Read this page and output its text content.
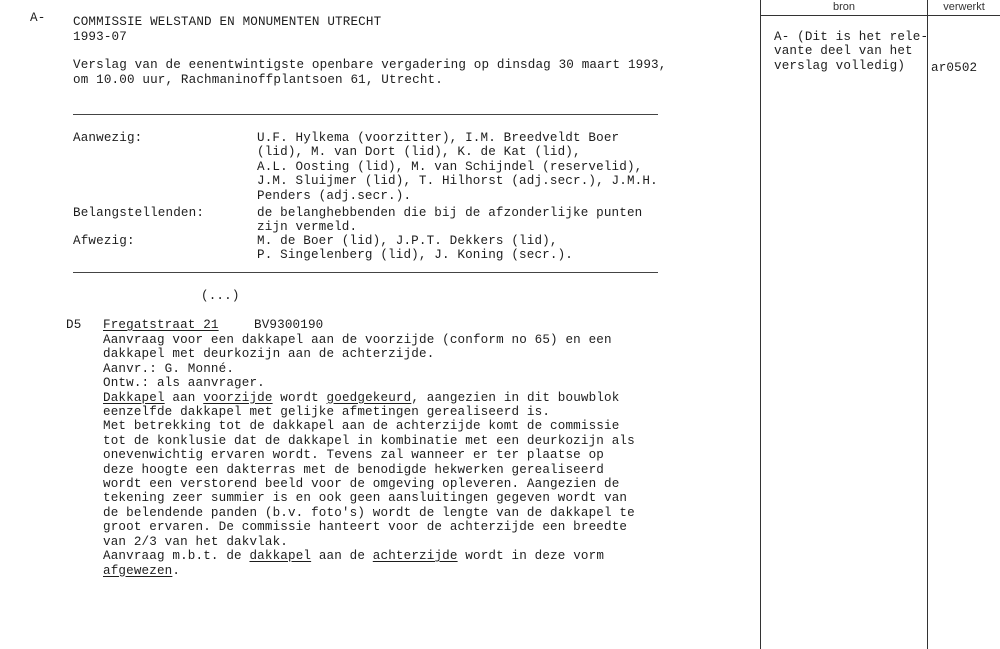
A- COMMISSIE WELSTAND EN MONUMENTEN UTRECHT
1993-07
Verslag van de eenentwintigste openbare vergadering op dinsdag 30 maart 1993,
om 10.00 uur, Rachmaninoffplantsoen 61, Utrecht.
Aanwezig:	U.F. Hylkema (voorzitter), I.M. Breedveldt Boer
(lid), M. van Dort (lid), K. de Kat (lid),
A.L. Oosting (lid), M. van Schijndel (reservelid),
J.M. Sluijmer (lid), T. Hilhorst (adj.secr.), J.M.H.
Penders (adj.secr.).
Belangstellenden:	de belanghebbenden die bij de afzonderlijke punten
zijn vermeld.
Afwezig:	M. de Boer (lid), J.P.T. Dekkers (lid),
P. Singelenberg (lid), J. Koning (secr.).
(...)
D5 Fregatstraat 21	BV9300190
Aanvraag voor een dakkapel aan de voorzijde (conform no 65) en een
dakkapel met deurkozijn aan de achterzijde.
Aanvr.: G. Monné.
Ontw.: als aanvrager.
Dakkapel aan voorzijde wordt goedgekeurd, aangezien in dit bouwblok
eenzelfde dakkapel met gelijke afmetingen gerealiseerd is.
Met betrekking tot de dakkapel aan de achterzijde komt de commissie
tot de konklusie dat de dakkapel in kombinatie met een deurkozijn als
onevenwichtig ervaren wordt. Tevens zal wanneer er ter plaatse op
deze hoogte een dakterras met de benodigde hekwerken gerealiseerd
wordt een verstorend beeld voor de omgeving opleveren. Aangezien de
tekening zeer summier is en ook geen aansluitingen gegeven wordt van
de belendende panden (b.v. foto's) wordt de lengte van de dakkapel te
groot ervaren. De commissie hanteert voor de achterzijde een breedte
van 2/3 van het dakvlak.
Aanvraag m.b.t. de dakkapel aan de achterzijde wordt in deze vorm
afgewezen.
bron	verwerkt
A- (Dit is het rele-
vante deel van het
verslag volledig)	ar0502
